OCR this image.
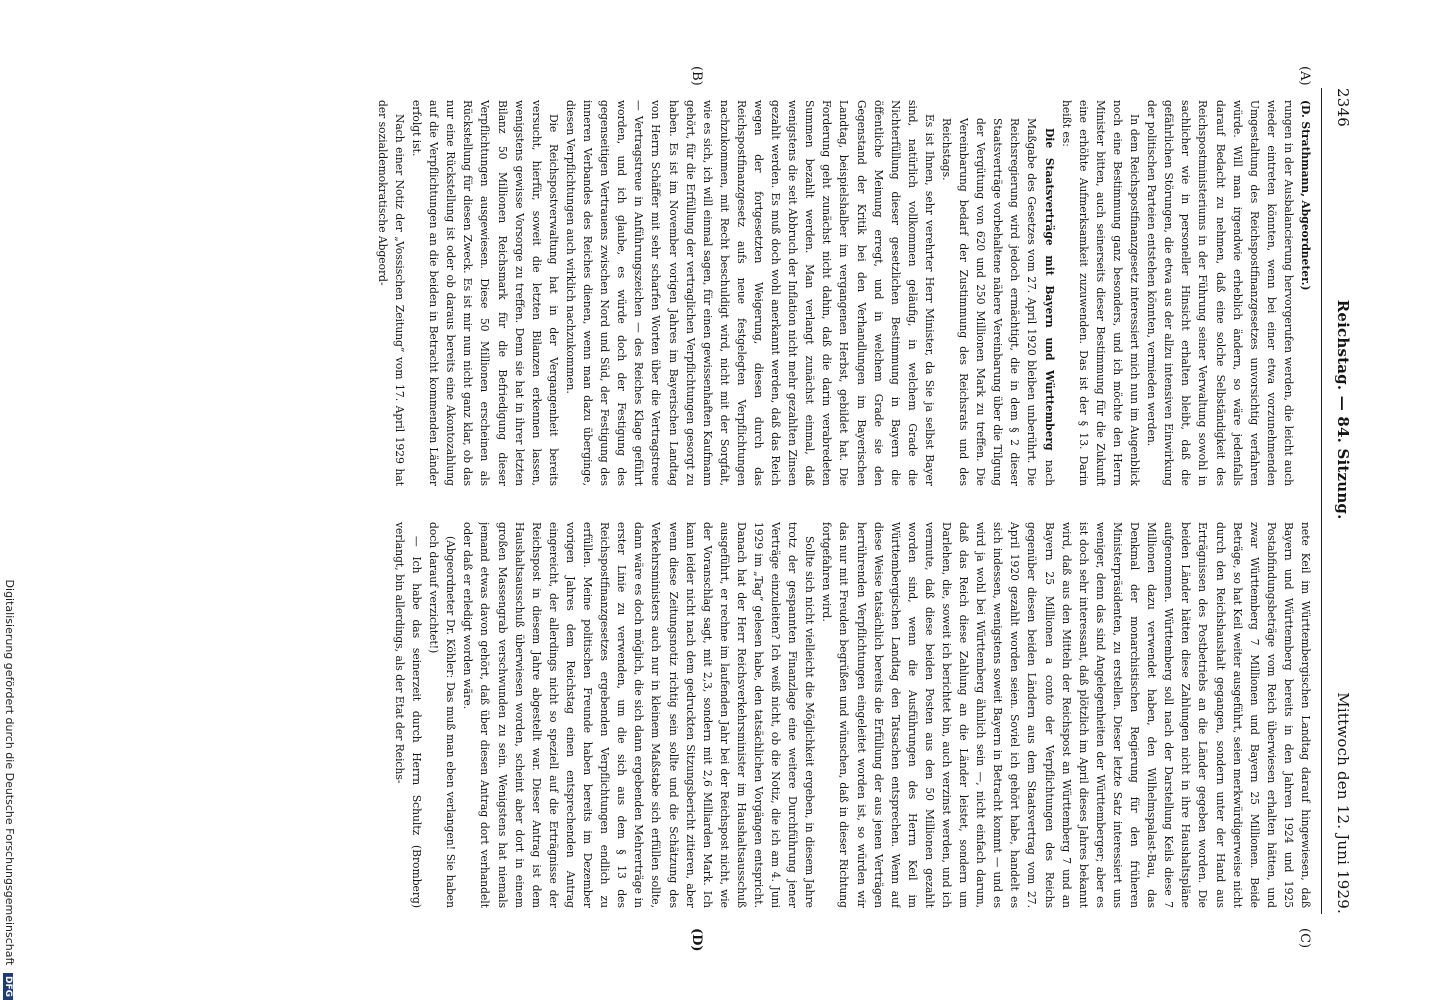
2346
Reichstag. — 84. Sitzung.
Mittwoch den 12. Juni 1929.
(A)
(B)
(C)
(D)

(D. Strathmann, Abgeordneter.)

rungen in der Ausbalancierung hervorgerufen werden, die leicht auch wieder eintreten könnten, wenn bei einer etwa vorzunehmenden Umgestaltung des Reichspostfinanzgesetzes unvorsichtig verfahren würde. Will man irgendwie erheblich ändern, so wäre jedenfalls darauf Bedacht zu nehmen, daß eine solche Selbständigkeit des Reichspostministeriums in der Führung seiner Verwaltung sowohl in sachlicher wie in personeller Hinsicht erhalten bleibt, daß die gefährlichen Störungen, die etwa aus der allzu intensiven Einwirkung der politischen Parteien entstehen könnten, vermieden werden.

In dem Reichspostfinanzgesetz interessiert mich nun im Augenblick noch eine Bestimmung ganz besonders, und ich möchte den Herrn Minister bitten, auch seinerseits dieser Bestimmung für die Zukunft eine erhöhte Aufmerksamkeit zuzuwenden. Das ist der § 13. Darin heißt es:

Die Staatsverträge mit Bayern und Württemberg nach Maßgabe des Gesetzes vom 27. April 1920 bleiben unberührt. Die Reichsregierung wird jedoch ermächtigt, die in dem § 2 dieser Staatsverträge vorbehaltene nähere Vereinbarung über die Tilgung der Vergütung von 620 und 250 Millionen Mark zu treffen. Die Vereinbarung bedarf der Zustimmung des Reichsrats und des Reichstags.

Es ist Ihnen, sehr verehrter Herr Minister, da Sie ja selbst Bayer sind, natürlich vollkommen geläufig, in welchem Grade die Nichterfüllung dieser gesetzlichen Bestimmung in Bayern die öffentliche Meinung erregt, und in welchem Grade sie den Gegenstand der Kritik bei den Verhandlungen im Bayerischen Landtag, beispielshalber im vergangenen Herbst, gebildet hat. Die Forderung geht zunächst nicht dahin, daß die darin verabredeten Summen bezahlt werden. Man verlangt zunächst einmal, daß wenigstens die seit Abbruch der Inflation nicht mehr gezahlten Zinsen gezahlt werden. Es muß doch wohl anerkannt werden, daß das Reich wegen der fortgesetzten Weigerung, diesen durch das Reichspostfinanzgesetz aufs neue festgelegten Verpflichtungen nachzukommen, mit Recht beschuldigt wird, nicht mit der Sorgfalt, wie es sich, ich will einmal sagen, für einen gewissenhaften Kaufmann gehört, für die Erfüllung der vertraglichen Verpflichtungen gesorgt zu haben. Es ist im November vorigen Jahres im Bayerischen Landtag von Herrn Schäffer mit sehr scharfen Worten über die Vertragstreue — Vertragstreue in Anführungszeichen — des Reiches Klage geführt worden, und ich glaube, es würde doch der Festigung des gegenseitigen Vertrauens zwischen Nord und Süd, der Festigung des inneren Verbandes des Reiches dienen, wenn man dazu überginge, diesen Verpflichtungen auch wirklich nachzukommen.

Die Reichspostverwaltung hat in der Vergangenheit bereits versucht, hierfür, soweit die letzten Bilanzen erkennen lassen, wenigstens gewisse Vorsorge zu treffen. Denn sie hat in ihrer letzten Bilanz 50 Millionen Reichsmark für die Befriedigung dieser Verpflichtungen ausgewiesen. Diese 50 Millionen erscheinen als Rückstellung für diesen Zweck. Es ist mir nun nicht ganz klar, ob das nur eine Rückstellung ist oder ob daraus bereits eine Akontozahlung auf die Verpflichtungen an die beiden in Betracht kommenden Länder erfolgt ist.

Nach einer Notiz der „Vossischen Zeitung“ vom 17. April 1929 hat der sozialdemokratische Abgeord-

nete Keil im Württembergischen Landtag darauf hingewiesen, daß Bayern und Württemberg bereits in den Jahren 1924 und 1925 Postabfindungsbeträge vom Reich überwiesen erhalten hätten, und zwar Württemberg 7 Millionen und Bayern 25 Millionen. Beide Beträge, so hat Keil weiter ausgeführt, seien merkwürdigerweise nicht durch den Reichshaushalt gegangen, sondern unter der Hand aus Erträgnissen des Postbetriebs an die Länder gegeben worden. Die beiden Länder hätten diese Zahlungen nicht in ihre Haushaltspläne aufgenommen. Württemberg soll nach der Darstellung Keils diese 7 Millionen dazu verwendet haben, den Wilhelmspalast-Bau, das Denkmal der monarchistischen Regierung für den früheren Ministerpräsidenten, zu erstellen. Dieser letzte Satz interessiert uns weniger, denn das sind Angelegenheiten der Württemberger; aber es ist doch sehr interessant, daß plötzlich im April dieses Jahres bekannt wird, daß aus den Mitteln der Reichspost an Württemberg 7 und an Bayern 25 Millionen a conto der Verpflichtungen des Reichs gegenüber diesen beiden Ländern aus dem Staatsvertrag vom 27. April 1920 gezahlt worden seien. Soviel ich gehört habe, handelt es sich indessen, wenigstens soweit Bayern in Betracht kommt — und es wird ja wohl bei Württemberg ähnlich sein —, nicht einfach darum, daß das Reich diese Zahlung an die Länder leistet, sondern um Darlehen, die, soweit ich berichtet bin, auch verzinst werden, und ich vermute, daß diese beiden Posten aus den 50 Millionen gezahlt worden sind, wenn die Ausführungen des Herrn Keil im Württembergischen Landtag den Tatsachen entsprechen. Wenn auf diese Weise tatsächlich bereits die Erfüllung der aus jenen Verträgen herrührenden Verpflichtungen eingeleitet worden ist, so würden wir das nur mit Freuden begrüßen und wünschen, daß in dieser Richtung fortgefahren wird.

Sollte sich nicht vielleicht die Möglichkeit ergeben, in diesem Jahre trotz der gespannten Finanzlage eine weitere Durchführung jener Verträge einzuleiten? Ich weiß nicht, ob die Notiz, die ich am 4. Juni 1929 im „Tag“ gelesen habe, den tatsächlichen Vorgängen entspricht. Danach hat der Herr Reichsverkehrsminister im Haushaltsausschuß ausgeführt, er rechne im laufenden Jahr bei der Reichspost nicht, wie der Voranschlag sagt, mit 2,3, sondern mit 2,6 Milliarden Mark. Ich kann leider nicht nach dem gedruckten Sitzungsbericht zitieren, aber wenn diese Zeitungsnotiz richtig sein sollte und die Schätzung des Verkehrsministers auch nur in kleinem Maßstabe sich erfüllen sollte, dann wäre es doch möglich, die sich dann ergebenden Mehrerträge in erster Linie zu verwenden, um die sich aus dem § 13 des Reichspostfinanzgesetzes ergebenden Verpflichtungen endlich zu erfüllen. Meine politischen Freunde haben bereits im Dezember vorigen Jahres dem Reichstag einen entsprechenden Antrag eingereicht, der allerdings nicht so speziell auf die Erträgnisse der Reichspost in diesem Jahre abgestellt war. Dieser Antrag ist dem Haushaltsausschuß überwiesen worden, scheint aber dort in einem großen Massengrab verschwunden zu sein. Wenigstens hat niemals jemand etwas davon gehört, daß über diesen Antrag dort verhandelt oder daß er erledigt worden wäre.

(Abgeordneter Dr. Köhler: Das muß man eben verlangen! Sie haben doch darauf verzichtet!)

— Ich habe das seinerzeit durch Herrn Schultz (Bromberg) verlangt, bin allerdings, als der Etat der Reichs-

Digitalisierung gefördert durch die Deutsche Forschungsgemeinschaft DFG
